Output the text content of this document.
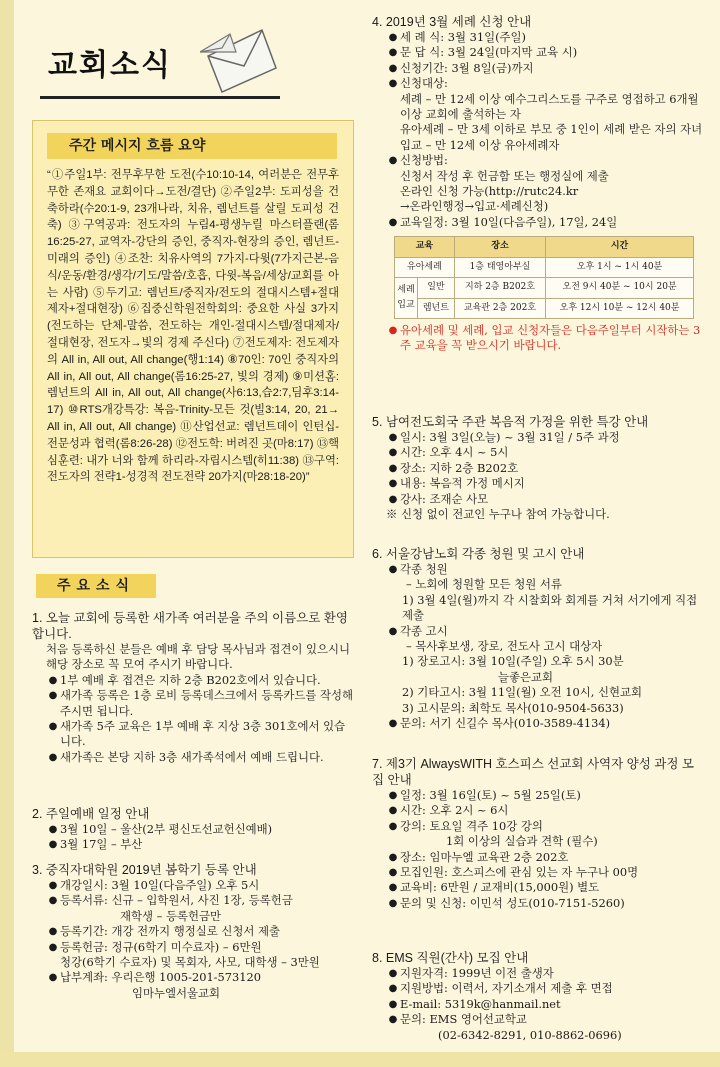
교회소식
주간 메시지 흐름 요약
“①주일1부: 전무후무한 도전(수10:10-14, 여러분은 전무후무한 존재요 교회이다→도전/결단) ②주일2부: 도피성을 건축하라(수20:1-9, 23개나라, 치유, 렘넌트를 살릴 도피성 건축) ③구역공과: 전도자의 누림4-평생누릴 마스터플랜(롬16:25-27, 교역자-강단의 증인, 중직자-현장의 증인, 렘넌트-미래의 증인) ④조찬: 치유사역의 7가지-다윗(7가지근본-음식/운동/환경/생각/기도/말씀/호흡, 다윗-복음/세상/교회를 아는 사람) ⑤두기고: 렘넌트/중직자/전도의 절대시스템+절대제자+절대현장) ⑥집중신학원전학회의: 중요한 사실 3가지(전도하는 단체-말씀, 전도하는 개인-절대시스템/절대제자/절대현장, 전도자→빛의 경제 주신다) ⑦전도제자: 전도제자의 All in, All out, All change(행1:14) ⑧70인: 70인 중직자의 All in, All out, All change(롬16:25-27, 빛의 경제) ⑨미션홈: 렘넌트의 All in, All out, All change(사6:13,습2:7,딤후3:14-17) ⑩RTS개강특강: 복음-Trinity-모든 것(빌3:14, 20, 21→ All in, All out, All change) ⑪산업선교: 렘넌트데이 인턴십-전문성과 협력(롬8:26-28) ⑫전도학: 버려진 곳(마8:17) ⑬핵심훈련: 내가 너와 함께 하리라-자립시스템(히11:38) ⑬구역: 전도자의 전략1-성경적 전도전략 20가지(마28:18-20)”
주요소식
1. 오늘 교회에 등록한 새가족 여러분을 주의 이름으로 환영합니다.
처음 등록하신 분들은 예배 후 담당 목사님과 접견이 있으시니 해당 장소로 꼭 모여 주시기 바랍니다.
● 1부 예배 후 접견은 지하 2층 B202호에서 있습니다.
● 새가족 등록은 1층 로비 등록데스크에서 등록카드를 작성해 주시면 됩니다.
● 새가족 5주 교육은 1부 예배 후 지상 3층 301호에서 있습니다.
● 새가족은 본당 지하 3층 새가족석에서 예배 드립니다.
2. 주일예배 일정 안내
● 3월 10일 – 울산(2부 평신도선교헌신예배)
● 3월 17일 – 부산
3. 중직자대학원 2019년 봄학기 등록 안내
● 개강일시: 3월 10일(다음주일) 오후 5시
● 등록서류: 신규 – 입학원서, 사진 1장, 등록헌금
재학생 – 등록헌금만
● 등록기간: 개강 전까지 행정실로 신청서 제출
● 등록헌금: 정규(6학기 미수료자) – 6만원
청강(6학기 수료자) 및 목회자, 사모, 대학생 – 3만원
● 납부계좌: 우리은행 1005-201-573120
임마누엘서울교회
4. 2019년 3월 세례 신청 안내
● 세 례 식: 3월 31일(주일)
● 문 답 식: 3월 24일(마지막 교육 시)
● 신청기간: 3월 8일(금)까지
● 신청대상:
세례 – 만 12세 이상 예수그리스도를 구주로 영접하고 6개월 이상 교회에 출석하는 자
유아세례 – 만 3세 이하로 부모 중 1인이 세례 받은 자의 자녀
입교 – 만 12세 이상 유아세례자
● 신청방법:
신청서 작성 후 헌금함 또는 행정실에 제출
온라인 신청 가능(http://rutc24.kr
→온라인행정→입교·세례신청)
● 교육일정: 3월 10일(다음주일), 17일, 24일
교육		장소	시간
유아세례		1층 태영아부실	오후 1시 ~ 1시 40분
세례 입교	일반	지하 2층 B202호	오전 9시 40분 ~ 10시 20분
	렘넌트	교육관 2층 202호	오후 12시 10분 ~ 12시 40분
● 유아세례 및 세례, 입교 신청자들은 다음주일부터 시작하는 3주 교육을 꼭 받으시기 바랍니다.
5. 남여전도회국 주관 복음적 가정을 위한 특강 안내
● 일시: 3월 3일(오늘) ~ 3월 31일 / 5주 과정
● 시간: 오후 4시 ~ 5시
● 장소: 지하 2층 B202호
● 내용: 복음적 가정 메시지
● 강사: 조재순 사모
※ 신청 없이 전교인 누구나 참여 가능합니다.
6. 서울강남노회 각종 청원 및 고시 안내
● 각종 청원
– 노회에 청원할 모든 청원 서류
1) 3월 4일(월)까지 각 시찰회와 회계를 거쳐 서기에게 직접 제출
● 각종 고시
– 목사후보생, 장로, 전도사 고시 대상자
1) 장로고시: 3월 10일(주일) 오후 5시 30분
늘좋은교회
2) 기타고시: 3월 11일(월) 오전 10시, 신현교회
3) 고시문의: 최학도 목사(010-9504-5633)
● 문의: 서기 신길수 목사(010-3589-4134)
7. 제3기 AlwaysWITH 호스피스 선교회 사역자 양성 과정 모집 안내
● 일정: 3월 16일(토) ~ 5월 25일(토)
● 시간: 오후 2시 ~ 6시
● 강의: 토요일 격주 10강 강의
1회 이상의 실습과 견학 (필수)
● 장소: 임마누엘 교육관 2층 202호
● 모집인원: 호스피스에 관심 있는 자 누구나 00명
● 교육비: 6만원 / 교재비(15,000원) 별도
● 문의 및 신청: 이민석 성도(010-7151-5260)
8. EMS 직원(간사) 모집 안내
● 지원자격: 1999년 이전 출생자
● 지원방법: 이력서, 자기소개서 제출 후 면접
● E-mail: 5319k@hanmail.net
● 문의: EMS 영어선교학교
(02-6342-8291, 010-8862-0696)
